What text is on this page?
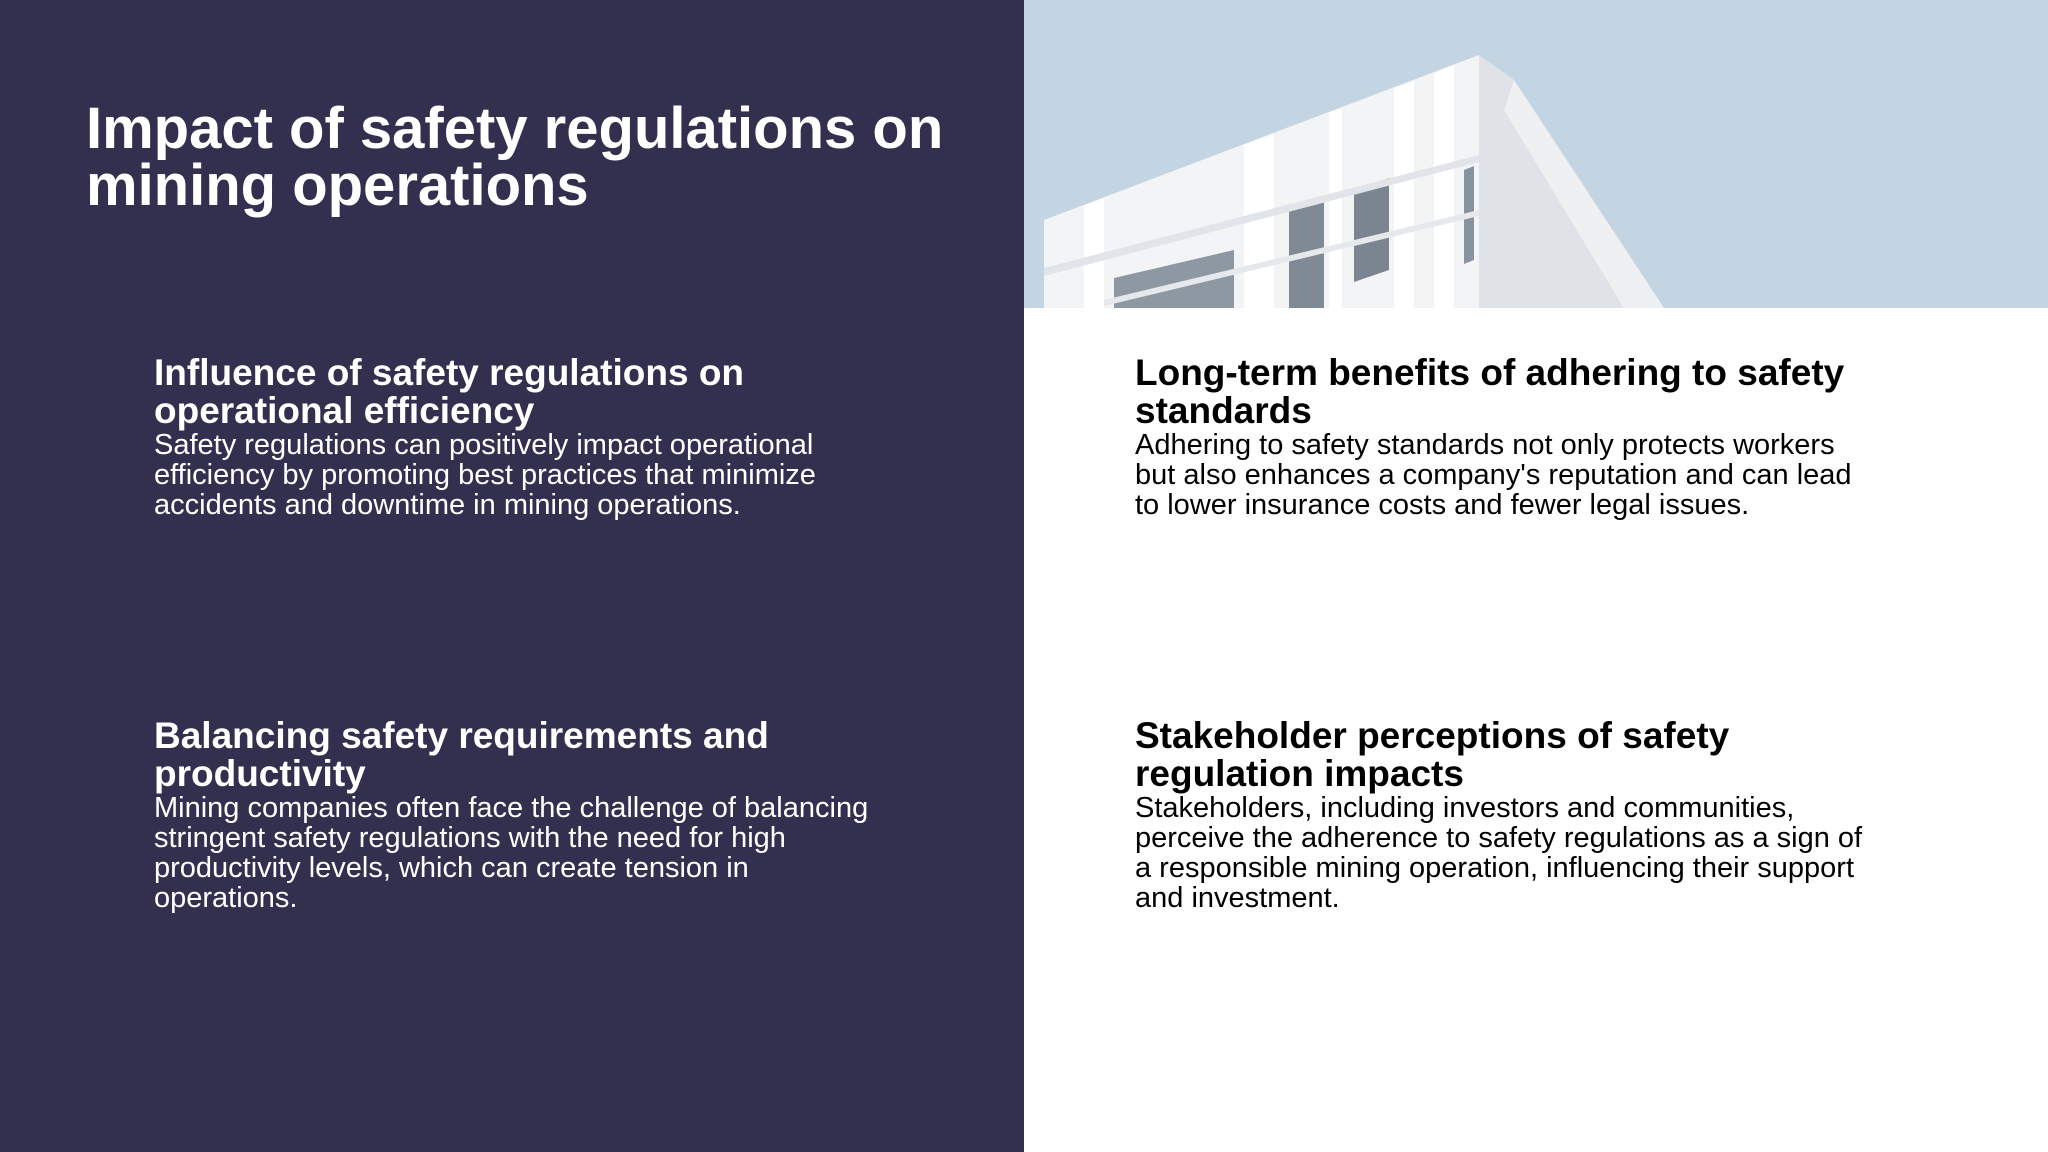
Impact of safety regulations on mining operations
Influence of safety regulations on operational efficiency

Safety regulations can positively impact operational efficiency by promoting best practices that minimize accidents and downtime in mining operations.

Long-term benefits of adhering to safety standards

Adhering to safety standards not only protects workers but also enhances a company's reputation and can lead to lower insurance costs and fewer legal issues.

Balancing safety requirements and productivity

Mining companies often face the challenge of balancing stringent safety regulations with the need for high productivity levels, which can create tension in operations.

Stakeholder perceptions of safety regulation impacts

Stakeholders, including investors and communities, perceive the adherence to safety regulations as a sign of a responsible mining operation, influencing their support and investment.
